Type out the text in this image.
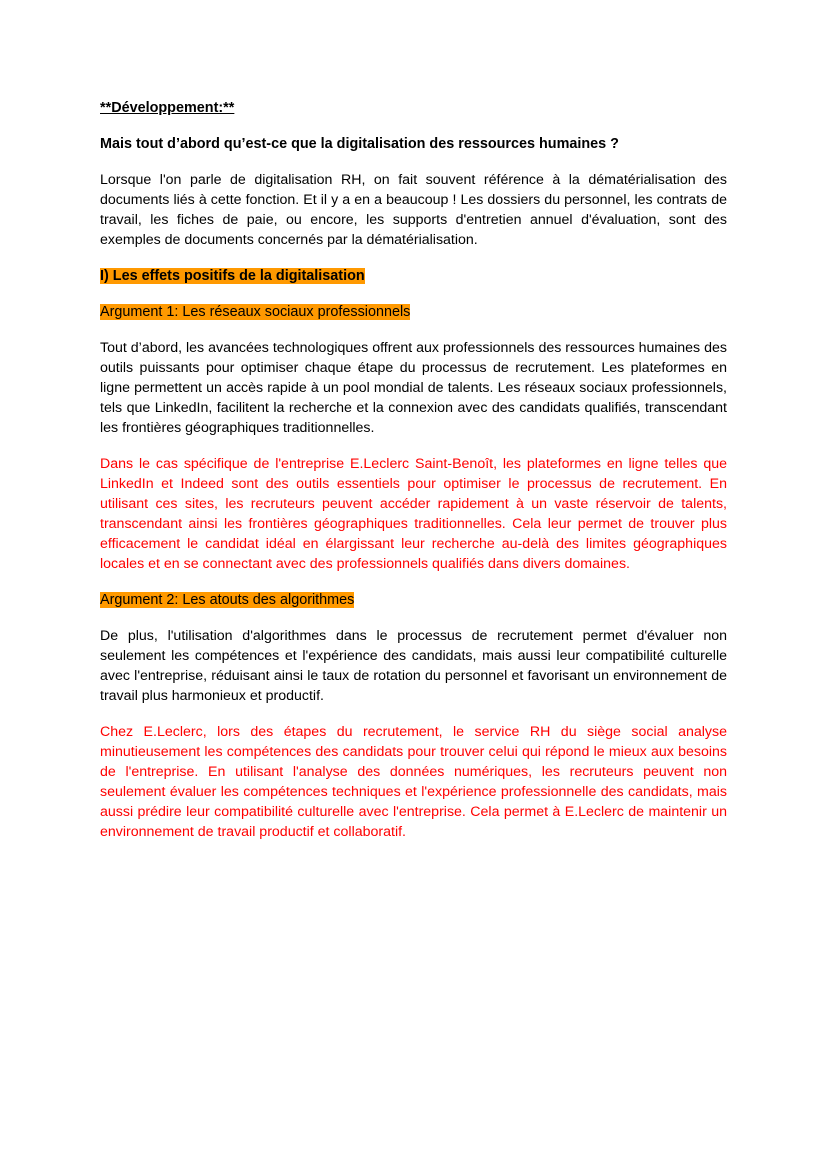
**Développement:**

Mais tout d’abord qu’est-ce que la digitalisation des ressources humaines ?

Lorsque l'on parle de digitalisation RH, on fait souvent référence à la dématérialisation des documents liés à cette fonction. Et il y a en a beaucoup ! Les dossiers du personnel, les contrats de travail, les fiches de paie, ou encore, les supports d'entretien annuel d'évaluation, sont des exemples de documents concernés par la dématérialisation.

I) Les effets positifs de la digitalisation

Argument 1: Les réseaux sociaux professionnels

Tout d’abord, les avancées technologiques offrent aux professionnels des ressources humaines des outils puissants pour optimiser chaque étape du processus de recrutement. Les plateformes en ligne permettent un accès rapide à un pool mondial de talents. Les réseaux sociaux professionnels, tels que LinkedIn, facilitent la recherche et la connexion avec des candidats qualifiés, transcendant les frontières géographiques traditionnelles.

Dans le cas spécifique de l'entreprise E.Leclerc Saint-Benoît, les plateformes en ligne telles que LinkedIn et Indeed sont des outils essentiels pour optimiser le processus de recrutement. En utilisant ces sites, les recruteurs peuvent accéder rapidement à un vaste réservoir de talents, transcendant ainsi les frontières géographiques traditionnelles. Cela leur permet de trouver plus efficacement le candidat idéal en élargissant leur recherche au-delà des limites géographiques locales et en se connectant avec des professionnels qualifiés dans divers domaines.

Argument 2: Les atouts des algorithmes

De plus, l'utilisation d'algorithmes dans le processus de recrutement permet d'évaluer non seulement les compétences et l'expérience des candidats, mais aussi leur compatibilité culturelle avec l'entreprise, réduisant ainsi le taux de rotation du personnel et favorisant un environnement de travail plus harmonieux et productif.

Chez E.Leclerc, lors des étapes du recrutement, le service RH du siège social analyse minutieusement les compétences des candidats pour trouver celui qui répond le mieux aux besoins de l'entreprise. En utilisant l'analyse des données numériques, les recruteurs peuvent non seulement évaluer les compétences techniques et l'expérience professionnelle des candidats, mais aussi prédire leur compatibilité culturelle avec l'entreprise. Cela permet à E.Leclerc de maintenir un environnement de travail productif et collaboratif.
